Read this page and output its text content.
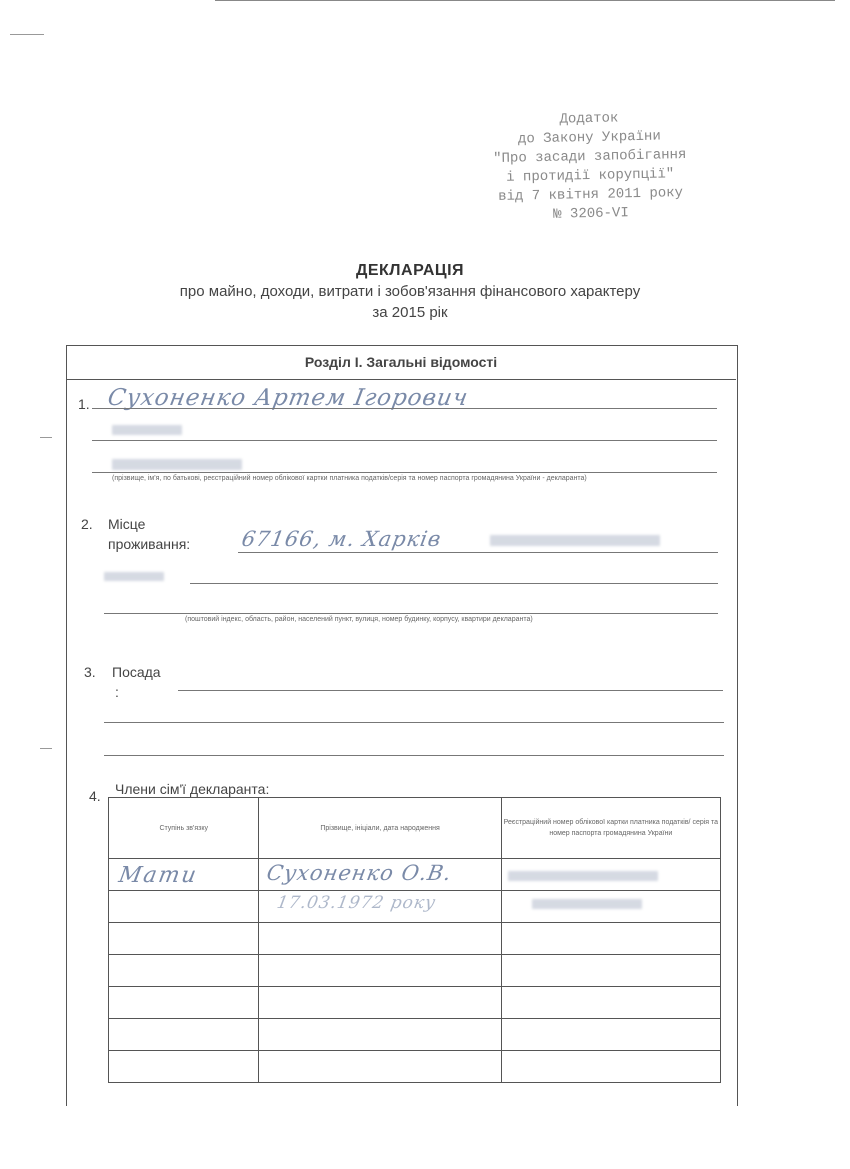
Додаток
до Закону України
"Про засади запобігання
і протидії корупції"
від 7 квітня 2011 року
№ 3206-VI
ДЕКЛАРАЦІЯ
про майно, доходи, витрати і зобов'язання фінансового характеру
за 2015 рік
Розділ І. Загальні відомості
1. Сухоненко Артем Ігорович
(прізвище, ім'я, по батькові, реєстраційний номер облікової картки платника податків/серія та номер паспорта громадянина України - декларанта)
2. Місце
проживання: 67166, м. Харків
(поштовий індекс, область, район, населений пункт, вулиця, номер будинку, корпусу, квартири декларанта)
3. Посада
:
4. Члени сім'ї декларанта:
Ступінь зв'язку	Прізвище, ініціали, дата народження	Реєстраційний номер облікової картки платника податків/ серія та номер паспорта громадянина України

Мати	Сухоненко О.В.	

	17.03.1972 року	
